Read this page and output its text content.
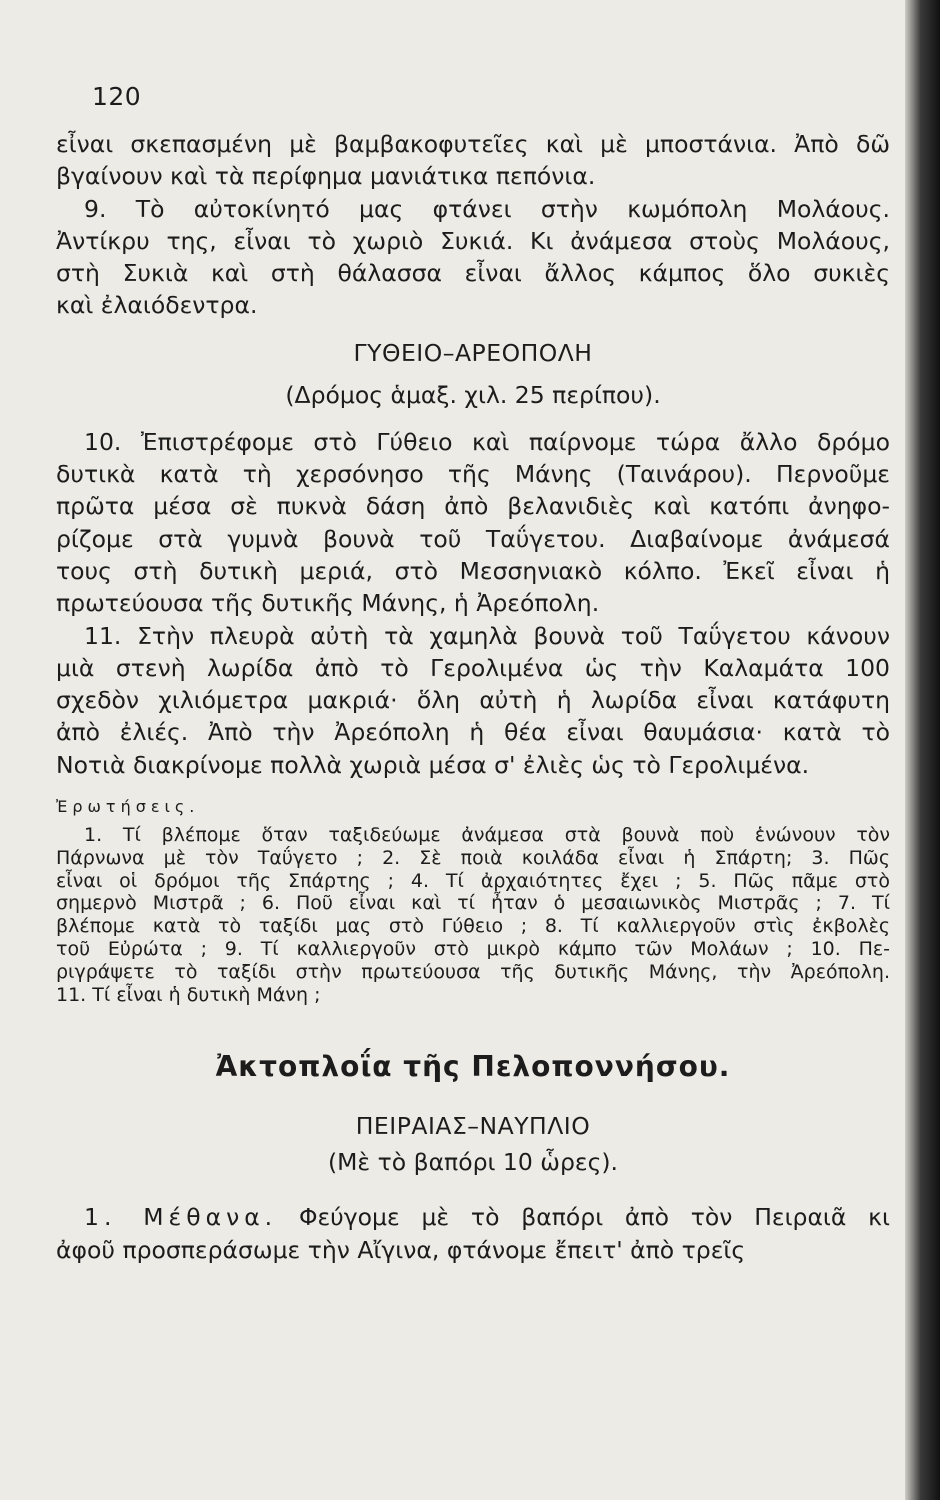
120

εἶναι σκεπασμένη μὲ βαμβακοφυτεῖες καὶ μὲ μποστάνια. Ἀπὸ δῶ

βγαίνουν καὶ τὰ περίφημα μανιάτικα πεπόνια.

9. Τὸ αὐτοκίνητό μας φτάνει στὴν κωμόπολη Μολάους.

Ἀντίκρυ της, εἶναι τὸ χωριὸ Συκιά. Κι ἀνάμεσα στοὺς Μολάους,

στὴ Συκιὰ καὶ στὴ θάλασσα εἶναι ἄλλος κάμπος ὅλο συκιὲς

καὶ ἐλαιόδεντρα.

ΓΥΘΕΙΟ–ΑΡΕΟΠΟΛΗ

(Δρόμος ἁμαξ. χιλ. 25 περίπου).

10. Ἐπιστρέφομε στὸ Γύθειο καὶ παίρνομε τώρα ἄλλο δρόμο

δυτικὰ κατὰ τὴ χερσόνησο τῆς Μάνης (Ταινάρου). Περνοῦμε

πρῶτα μέσα σὲ πυκνὰ δάση ἀπὸ βελανιδιὲς καὶ κατόπι ἀνηφο-

ρίζομε στὰ γυμνὰ βουνὰ τοῦ Ταΰγετου. Διαβαίνομε ἀνάμεσά

τους στὴ δυτικὴ μεριά, στὸ Μεσσηνιακὸ κόλπο. Ἐκεῖ εἶναι ἡ

πρωτεύουσα τῆς δυτικῆς Μάνης, ἡ Ἀρεόπολη.

11. Στὴν πλευρὰ αὐτὴ τὰ χαμηλὰ βουνὰ τοῦ Ταΰγετου κάνουν

μιὰ στενὴ λωρίδα ἀπὸ τὸ Γερολιμένα ὡς τὴν Καλαμάτα 100

σχεδὸν χιλιόμετρα μακριά· ὅλη αὐτὴ ἡ λωρίδα εἶναι κατάφυτη

ἀπὸ ἐλιές. Ἀπὸ τὴν Ἀρεόπολη ἡ θέα εἶναι θαυμάσια· κατὰ τὸ

Νοτιὰ διακρίνομε πολλὰ χωριὰ μέσα σ' ἐλιὲς ὡς τὸ Γερολιμένα.

Ἐρωτήσεις.

1. Τί βλέπομε ὅταν ταξιδεύωμε ἀνάμεσα στὰ βουνὰ ποὺ ἑνώνουν τὸν

Πάρνωνα μὲ τὸν Ταΰγετο ; 2. Σὲ ποιὰ κοιλάδα εἶναι ἡ Σπάρτη; 3. Πῶς

εἶναι οἱ δρόμοι τῆς Σπάρτης ; 4. Τί ἀρχαιότητες ἔχει ; 5. Πῶς πᾶμε στὸ

σημερνὸ Μιστρᾶ ; 6. Ποῦ εἶναι καὶ τί ἦταν ὁ μεσαιωνικὸς Μιστρᾶς ; 7. Τί

βλέπομε κατὰ τὸ ταξίδι μας στὸ Γύθειο ; 8. Τί καλλιεργοῦν στὶς ἐκβολὲς

τοῦ Εὐρώτα ; 9. Τί καλλιεργοῦν στὸ μικρὸ κάμπο τῶν Μολάων ; 10. Πε-

ριγράψετε τὸ ταξίδι στὴν πρωτεύουσα τῆς δυτικῆς Μάνης, τὴν Ἀρεόπολη.

11. Τί εἶναι ἡ δυτικὴ Μάνη ;

Ἀκτοπλοΐα τῆς Πελοποννήσου.

ΠΕΙΡΑΙΑΣ–ΝΑΥΠΛΙΟ

(Μὲ τὸ βαπόρι 10 ὧρες).

1. Μέθανα. Φεύγομε μὲ τὸ βαπόρι ἀπὸ τὸν Πειραιᾶ κι

ἀφοῦ προσπεράσωμε τὴν Αἴγινα, φτάνομε ἔπειτ' ἀπὸ τρεῖς
